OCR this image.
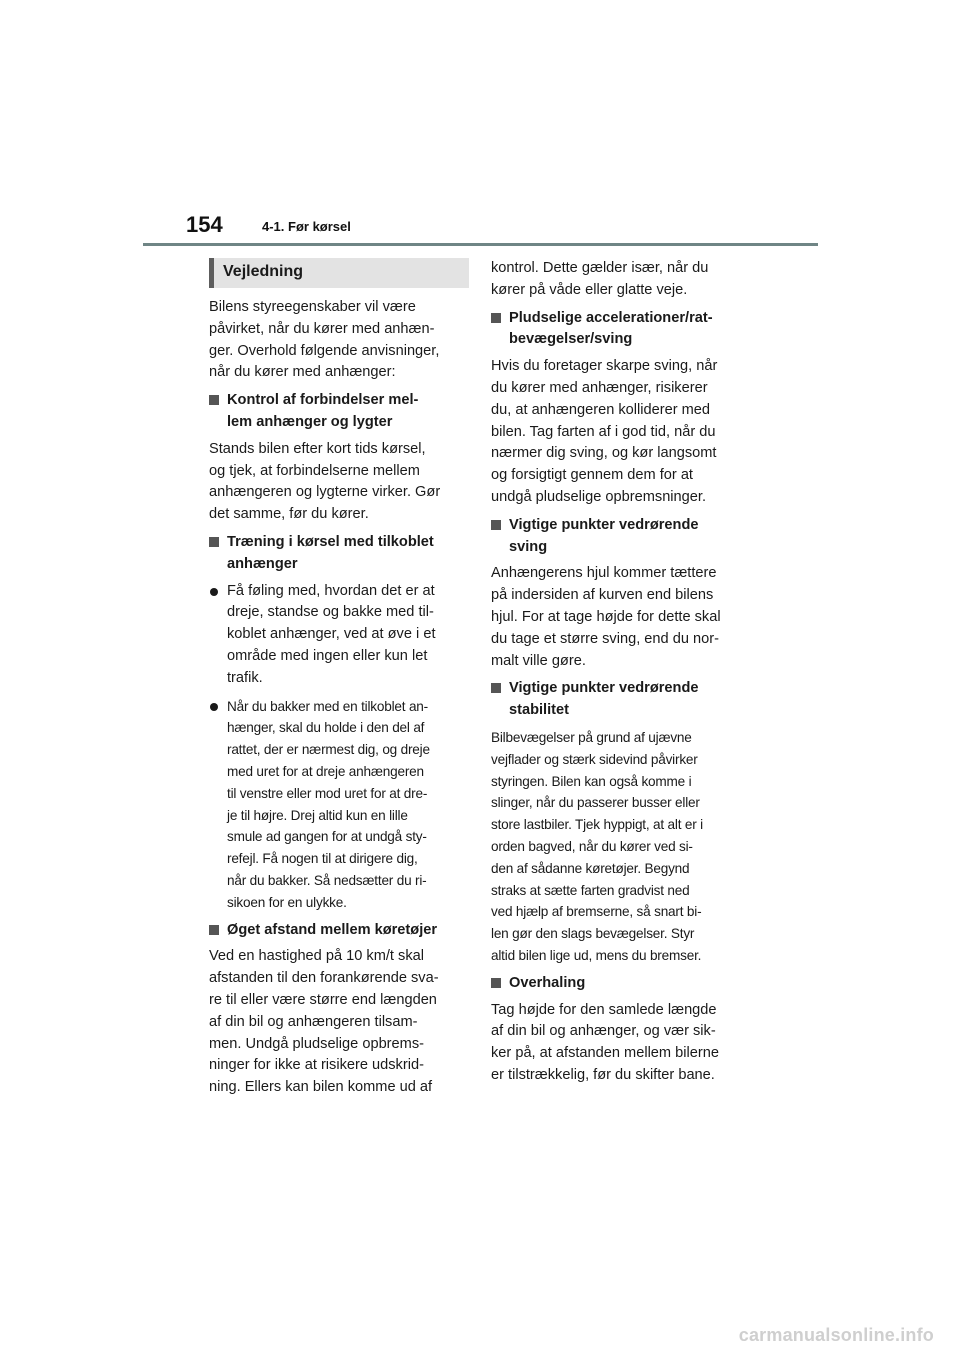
154	4-1. Før kørsel
Vejledning
Bilens styreegenskaber vil være
påvirket, når du kører med anhæn-
ger. Overhold følgende anvisninger,
når du kører med anhænger:
Kontrol af forbindelser mel-
lem anhænger og lygter
Stands bilen efter kort tids kørsel,
og tjek, at forbindelserne mellem
anhængeren og lygterne virker. Gør
det samme, før du kører.
Træning i kørsel med tilkoblet
anhænger
Få føling med, hvordan det er at
dreje, standse og bakke med til-
koblet anhænger, ved at øve i et
område med ingen eller kun let
trafik.
Når du bakker med en tilkoblet an-
hænger, skal du holde i den del af
rattet, der er nærmest dig, og dreje
med uret for at dreje anhængeren
til venstre eller mod uret for at dre-
je til højre. Drej altid kun en lille
smule ad gangen for at undgå sty-
refejl. Få nogen til at dirigere dig,
når du bakker. Så nedsætter du ri-
sikoen for en ulykke.
Øget afstand mellem køretøjer
Ved en hastighed på 10 km/t skal
afstanden til den forankørende sva-
re til eller være større end længden
af din bil og anhængeren tilsam-
men. Undgå pludselige opbrems-
ninger for ikke at risikere udskrid-
ning. Ellers kan bilen komme ud af
kontrol. Dette gælder især, når du
kører på våde eller glatte veje.
Pludselige accelerationer/rat-
bevægelser/sving
Hvis du foretager skarpe sving, når
du kører med anhænger, risikerer
du, at anhængeren kolliderer med
bilen. Tag farten af i god tid, når du
nærmer dig sving, og kør langsomt
og forsigtigt gennem dem for at
undgå pludselige opbremsninger.
Vigtige punkter vedrørende
sving
Anhængerens hjul kommer tættere
på indersiden af kurven end bilens
hjul. For at tage højde for dette skal
du tage et større sving, end du nor-
malt ville gøre.
Vigtige punkter vedrørende
stabilitet
Bilbevægelser på grund af ujævne
vejflader og stærk sidevind påvirker
styringen. Bilen kan også komme i
slinger, når du passerer busser eller
store lastbiler. Tjek hyppigt, at alt er i
orden bagved, når du kører ved si-
den af sådanne køretøjer. Begynd
straks at sætte farten gradvist ned
ved hjælp af bremserne, så snart bi-
len gør den slags bevægelser. Styr
altid bilen lige ud, mens du bremser.
Overhaling
Tag højde for den samlede længde
af din bil og anhænger, og vær sik-
ker på, at afstanden mellem bilerne
er tilstrækkelig, før du skifter bane.
carmanualsonline.info
